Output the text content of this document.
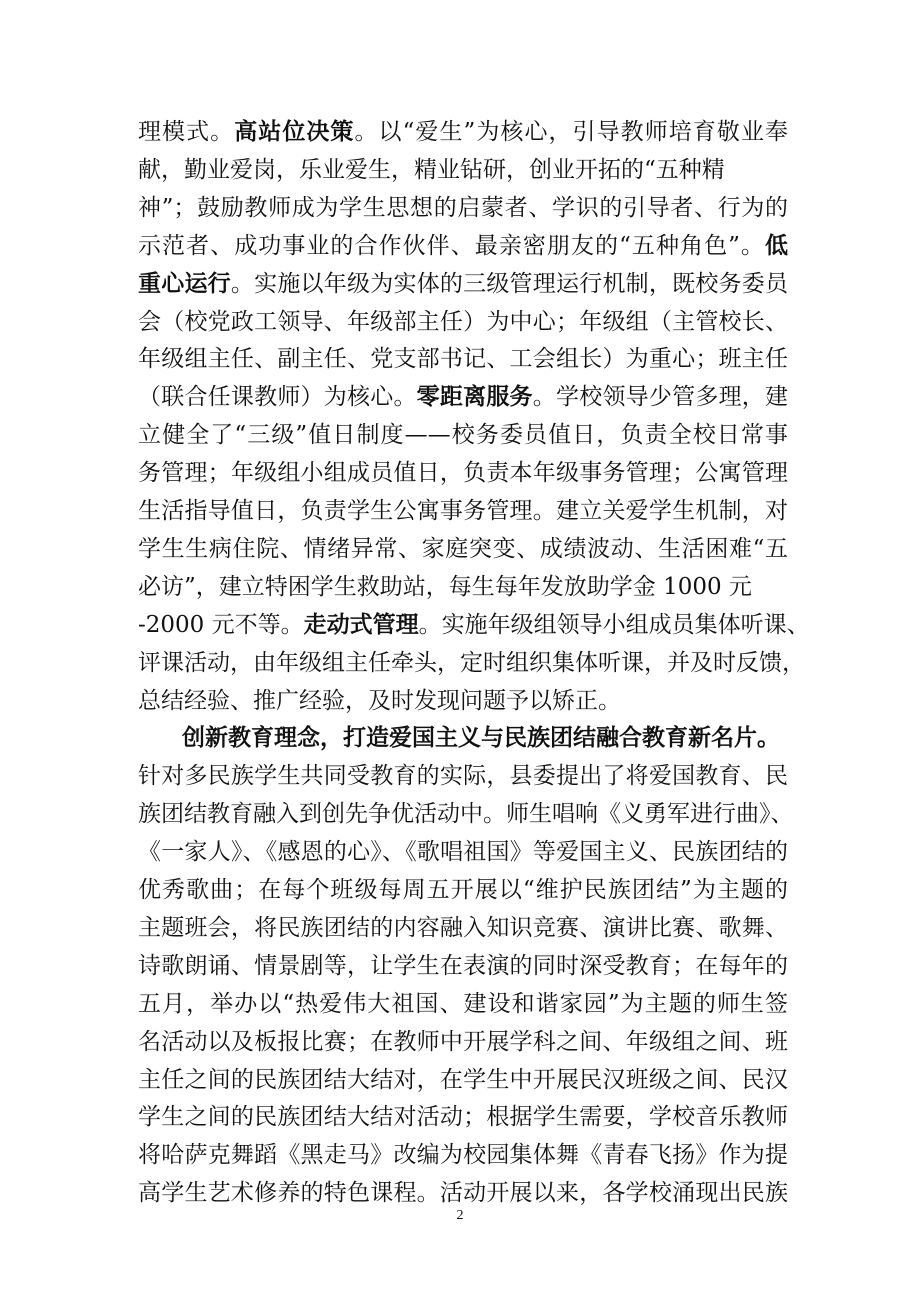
理模式。高站位决策。以“爱生”为核心，引导教师培育敬业奉
献，勤业爱岗，乐业爱生，精业钻研，创业开拓的“五种精
神”；鼓励教师成为学生思想的启蒙者、学识的引导者、行为的
示范者、成功事业的合作伙伴、最亲密朋友的“五种角色”。低
重心运行。实施以年级为实体的三级管理运行机制，既校务委员
会（校党政工领导、年级部主任）为中心；年级组（主管校长、
年级组主任、副主任、党支部书记、工会组长）为重心；班主任
（联合任课教师）为核心。零距离服务。学校领导少管多理，建
立健全了“三级”值日制度——校务委员值日，负责全校日常事
务管理；年级组小组成员值日，负责本年级事务管理；公寓管理
生活指导值日，负责学生公寓事务管理。建立关爱学生机制，对
学生生病住院、情绪异常、家庭突变、成绩波动、生活困难“五
必访”，建立特困学生救助站，每生每年发放助学金 1000 元
-2000 元不等。走动式管理。实施年级组领导小组成员集体听课、
评课活动，由年级组主任牵头，定时组织集体听课，并及时反馈，
总结经验、推广经验，及时发现问题予以矫正。
创新教育理念，打造爱国主义与民族团结融合教育新名片。
针对多民族学生共同受教育的实际，县委提出了将爱国教育、民
族团结教育融入到创先争优活动中。师生唱响《义勇军进行曲》、
《一家人》、《感恩的心》、《歌唱祖国》等爱国主义、民族团结的
优秀歌曲；在每个班级每周五开展以“维护民族团结”为主题的
主题班会，将民族团结的内容融入知识竞赛、演讲比赛、歌舞、
诗歌朗诵、情景剧等，让学生在表演的同时深受教育；在每年的
五月，举办以“热爱伟大祖国、建设和谐家园”为主题的师生签
名活动以及板报比赛；在教师中开展学科之间、年级组之间、班
主任之间的民族团结大结对，在学生中开展民汉班级之间、民汉
学生之间的民族团结大结对活动；根据学生需要，学校音乐教师
将哈萨克舞蹈《黑走马》改编为校园集体舞《青春飞扬》作为提
高学生艺术修养的特色课程。活动开展以来，各学校涌现出民族
2
